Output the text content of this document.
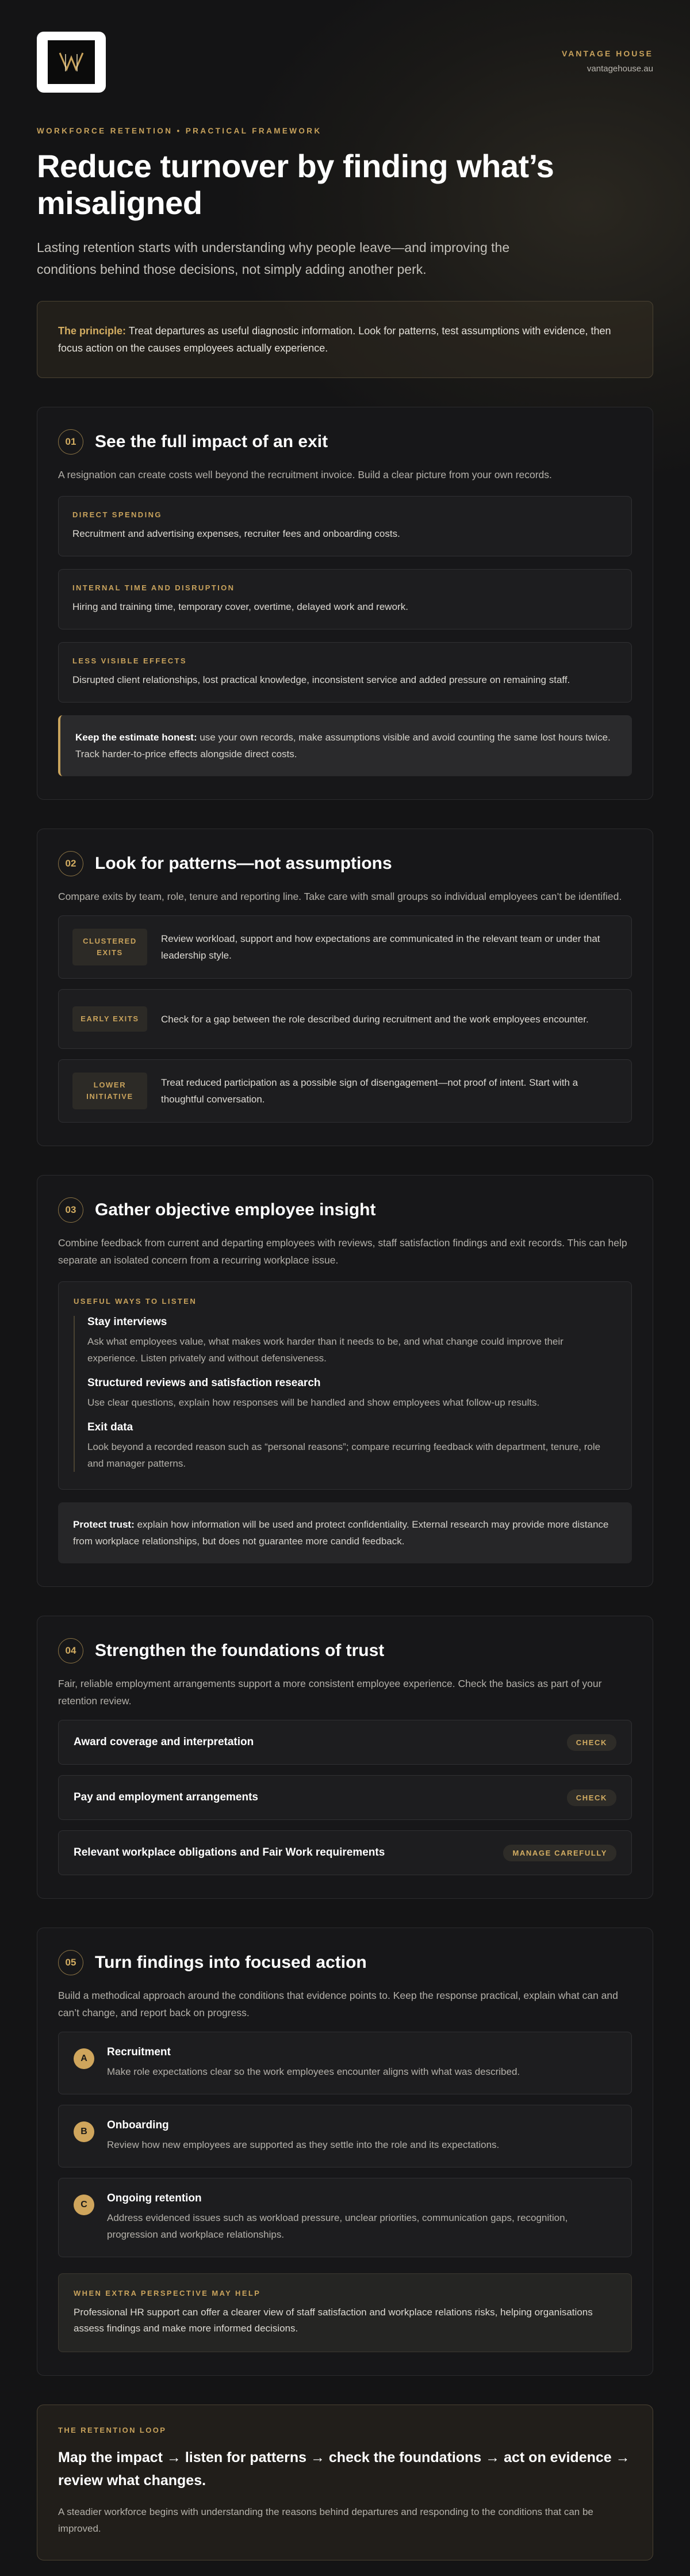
VANTAGE HOUSE
vantagehouse.au
WORKFORCE RETENTION • PRACTICAL FRAMEWORK
Reduce turnover by finding what’s misaligned

Lasting retention starts with understanding why people leave—and improving the conditions behind those decisions, not simply adding another perk.

The principle: Treat departures as useful diagnostic information. Look for patterns, test assumptions with evidence, then focus action on the causes employees actually experience.
01	See the full impact of an exit

A resignation can create costs well beyond the recruitment invoice. Build a clear picture from your own records.

DIRECT SPENDING
Recruitment and advertising expenses, recruiter fees and onboarding costs.
INTERNAL TIME AND DISRUPTION
Hiring and training time, temporary cover, overtime, delayed work and rework.
LESS VISIBLE EFFECTS
Disrupted client relationships, lost practical knowledge, inconsistent service and added pressure on remaining staff.
Keep the estimate honest: use your own records, make assumptions visible and avoid counting the same lost hours twice. Track harder-to-price effects alongside direct costs.
02	Look for patterns—not assumptions

Compare exits by team, role, tenure and reporting line. Take care with small groups so individual employees can’t be identified.

CLUSTERED EXITS
Review workload, support and how expectations are communicated in the relevant team or under that leadership style.
EARLY EXITS	Check for a gap between the role described during recruitment and the work employees encounter.
LOWER INITIATIVE
Treat reduced participation as a possible sign of disengagement—not proof of intent. Start with a thoughtful conversation.
03	Gather objective employee insight

Combine feedback from current and departing employees with reviews, staff satisfaction findings and exit records. This can help separate an isolated concern from a recurring workplace issue.

USEFUL WAYS TO LISTEN
Stay interviews
Ask what employees value, what makes work harder than it needs to be, and what change could improve their experience. Listen privately and without defensiveness.
Structured reviews and satisfaction research
Use clear questions, explain how responses will be handled and show employees what follow-up results.
Exit data
Look beyond a recorded reason such as “personal reasons”; compare recurring feedback with department, tenure, role and manager patterns.
Protect trust: explain how information will be used and protect confidentiality. External research may provide more distance from workplace relationships, but does not guarantee more candid feedback.
04	Strengthen the foundations of trust

Fair, reliable employment arrangements support a more consistent employee experience. Check the basics as part of your retention review.

Award coverage and interpretation	CHECK
Pay and employment arrangements	CHECK
Relevant workplace obligations and Fair Work requirements	MANAGE CAREFULLY
05	Turn findings into focused action

Build a methodical approach around the conditions that evidence points to. Keep the response practical, explain what can and can’t change, and report back on progress.

A
Recruitment
Make role expectations clear so the work employees encounter aligns with what was described.
B
Onboarding
Review how new employees are supported as they settle into the role and its expectations.
C
Ongoing retention
Address evidenced issues such as workload pressure, unclear priorities, communication gaps, recognition, progression and workplace relationships.
WHEN EXTRA PERSPECTIVE MAY HELP
Professional HR support can offer a clearer view of staff satisfaction and workplace relations risks, helping organisations assess findings and make more informed decisions.
THE RETENTION LOOP
Map the impact → listen for patterns → check the foundations → act on evidence → review what changes.
A steadier workforce begins with understanding the reasons behind departures and responding to the conditions that can be improved.
